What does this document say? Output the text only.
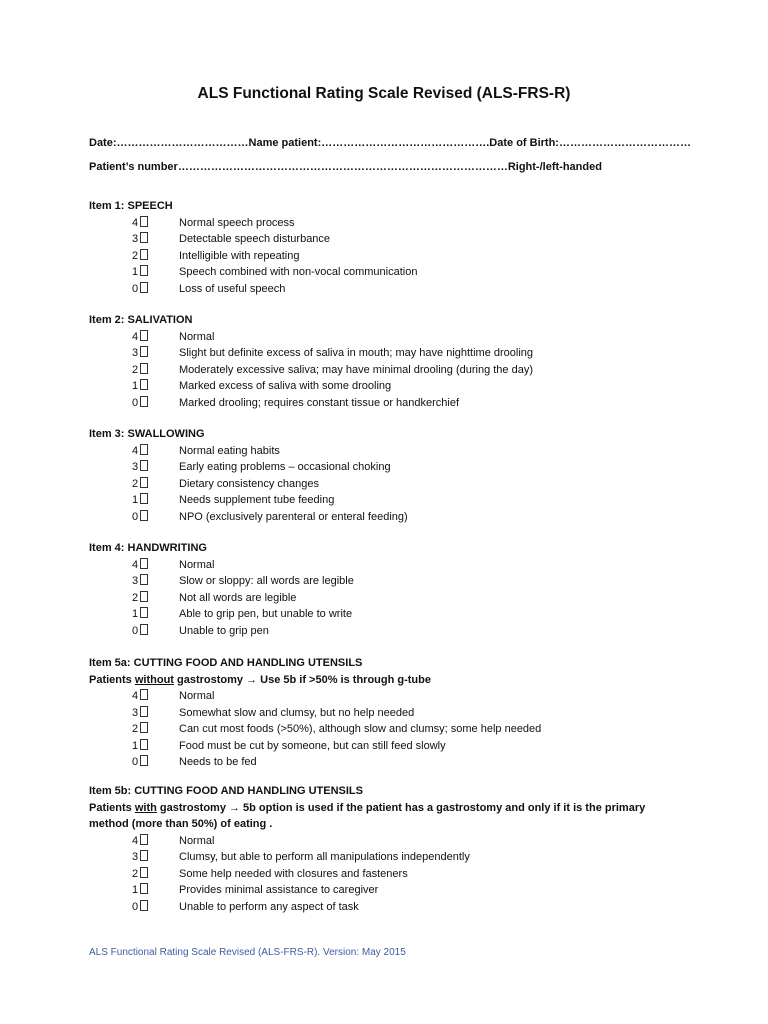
ALS Functional Rating Scale Revised (ALS-FRS-R)
Date:………………………………Name patient:……………………………………….Date of Birth:………………………………
Patient’s number………………………………………………………………………………Right-/left-handed
Item 1: SPEECH
4	Normal speech process
3	Detectable speech disturbance
2	Intelligible with repeating
1	Speech combined with non-vocal communication
0	Loss of useful speech
Item 2: SALIVATION
4	Normal
3	Slight but definite excess of saliva in mouth; may have nighttime drooling
2	Moderately excessive saliva; may have minimal drooling (during the day)
1	Marked excess of saliva with some drooling
0	Marked drooling; requires constant tissue or handkerchief
Item 3: SWALLOWING
4	Normal eating habits
3	Early eating problems – occasional choking
2	Dietary consistency changes
1	Needs supplement tube feeding
0	NPO (exclusively parenteral or enteral feeding)
Item 4: HANDWRITING
4	Normal
3	Slow or sloppy: all words are legible
2	Not all words are legible
1	Able to grip pen, but unable to write
0	Unable to grip pen
Item 5a: CUTTING FOOD AND HANDLING UTENSILS
Patients without gastrostomy → Use 5b if >50% is through g-tube
4	Normal
3	Somewhat slow and clumsy, but no help needed
2	Can cut most foods (>50%), although slow and clumsy; some help needed
1	Food must be cut by someone, but can still feed slowly
0	Needs to be fed
Item 5b: CUTTING FOOD AND HANDLING UTENSILS
Patients with gastrostomy → 5b option is used if the patient has a gastrostomy and only if it is the primary method (more than 50%) of eating .
4	Normal
3	Clumsy, but able to perform all manipulations independently
2	Some help needed with closures and fasteners
1	Provides minimal assistance to caregiver
0	Unable to perform any aspect of task
ALS Functional Rating Scale Revised (ALS-FRS-R). Version: May 2015
